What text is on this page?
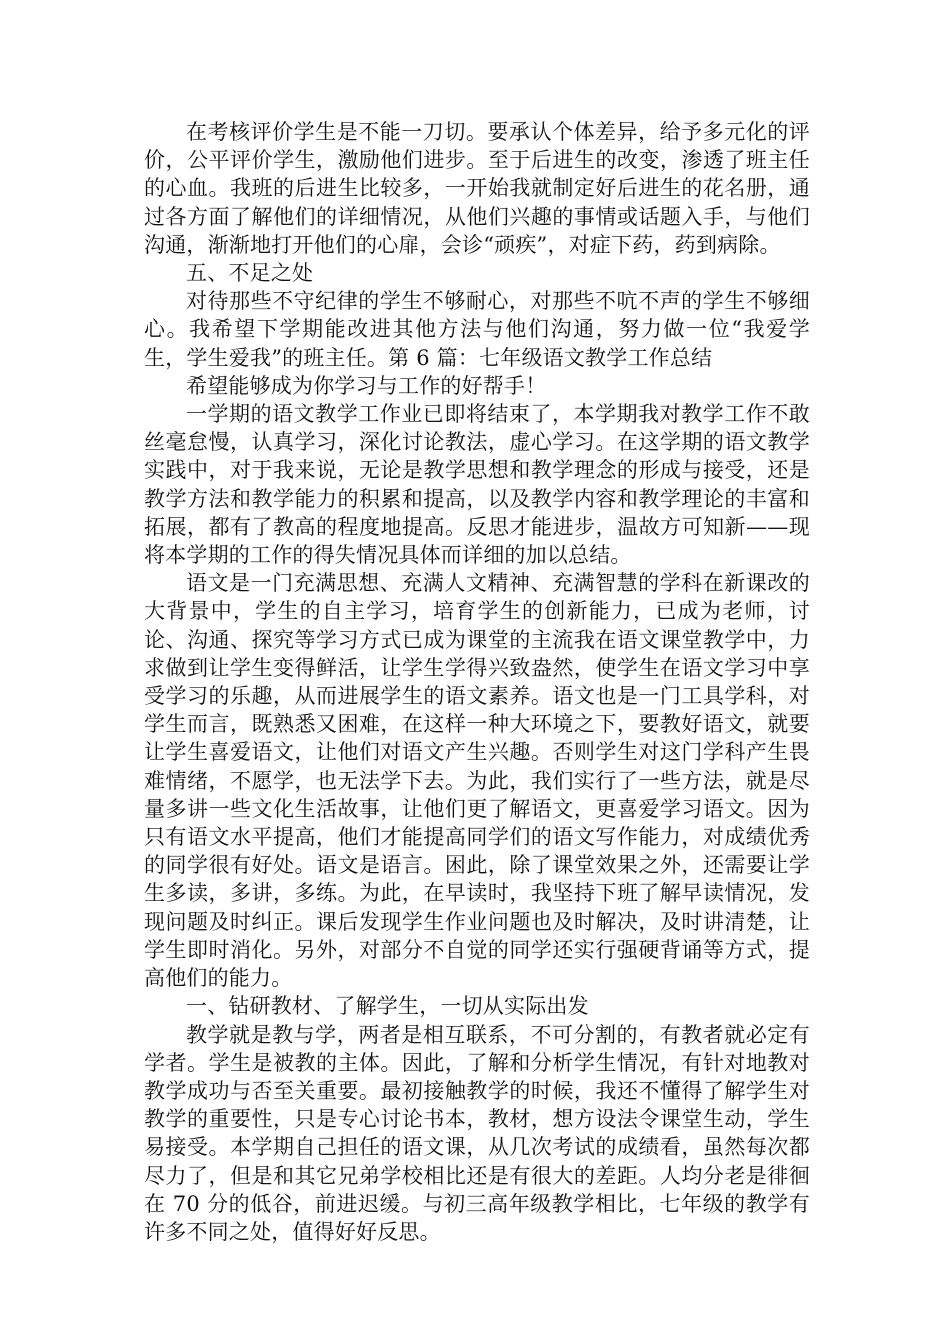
在考核评价学生是不能一刀切。要承认个体差异，给予多元化的评价，公平评价学生，激励他们进步。至于后进生的改变，渗透了班主任的心血。我班的后进生比较多，一开始我就制定好后进生的花名册，通过各方面了解他们的详细情况，从他们兴趣的事情或话题入手，与他们沟通，渐渐地打开他们的心扉，会诊“顽疾”，对症下药，药到病除。

五、不足之处

对待那些不守纪律的学生不够耐心，对那些不吭不声的学生不够细心。我希望下学期能改进其他方法与他们沟通，努力做一位“我爱学生，学生爱我”的班主任。第 6 篇：七年级语文教学工作总结

希望能够成为你学习与工作的好帮手！

一学期的语文教学工作业已即将结束了，本学期我对教学工作不敢丝毫怠慢，认真学习，深化讨论教法，虚心学习。在这学期的语文教学实践中，对于我来说，无论是教学思想和教学理念的形成与接受，还是教学方法和教学能力的积累和提高，以及教学内容和教学理论的丰富和拓展，都有了教高的程度地提高。反思才能进步，温故方可知新——现将本学期的工作的得失情况具体而详细的加以总结。

语文是一门充满思想、充满人文精神、充满智慧的学科在新课改的大背景中，学生的自主学习，培育学生的创新能力，已成为老师，讨论、沟通、探究等学习方式已成为课堂的主流我在语文课堂教学中，力求做到让学生变得鲜活，让学生学得兴致盎然，使学生在语文学习中享受学习的乐趣，从而进展学生的语文素养。语文也是一门工具学科，对学生而言，既熟悉又困难，在这样一种大环境之下，要教好语文，就要让学生喜爱语文，让他们对语文产生兴趣。否则学生对这门学科产生畏难情绪，不愿学，也无法学下去。为此，我们实行了一些方法，就是尽量多讲一些文化生活故事，让他们更了解语文，更喜爱学习语文。因为只有语文水平提高，他们才能提高同学们的语文写作能力，对成绩优秀的同学很有好处。语文是语言。困此，除了课堂效果之外，还需要让学生多读，多讲，多练。为此，在早读时，我坚持下班了解早读情况，发现问题及时纠正。课后发现学生作业问题也及时解决，及时讲清楚，让学生即时消化。另外，对部分不自觉的同学还实行强硬背诵等方式，提高他们的能力。

一、钻研教材、了解学生，一切从实际出发

教学就是教与学，两者是相互联系，不可分割的，有教者就必定有学者。学生是被教的主体。因此，了解和分析学生情况，有针对地教对教学成功与否至关重要。最初接触教学的时候，我还不懂得了解学生对教学的重要性，只是专心讨论书本，教材，想方设法令课堂生动，学生易接受。本学期自己担任的语文课，从几次考试的成绩看，虽然每次都尽力了，但是和其它兄弟学校相比还是有很大的差距。人均分老是徘徊在 70 分的低谷，前进迟缓。与初三高年级教学相比，七年级的教学有许多不同之处，值得好好反思。
